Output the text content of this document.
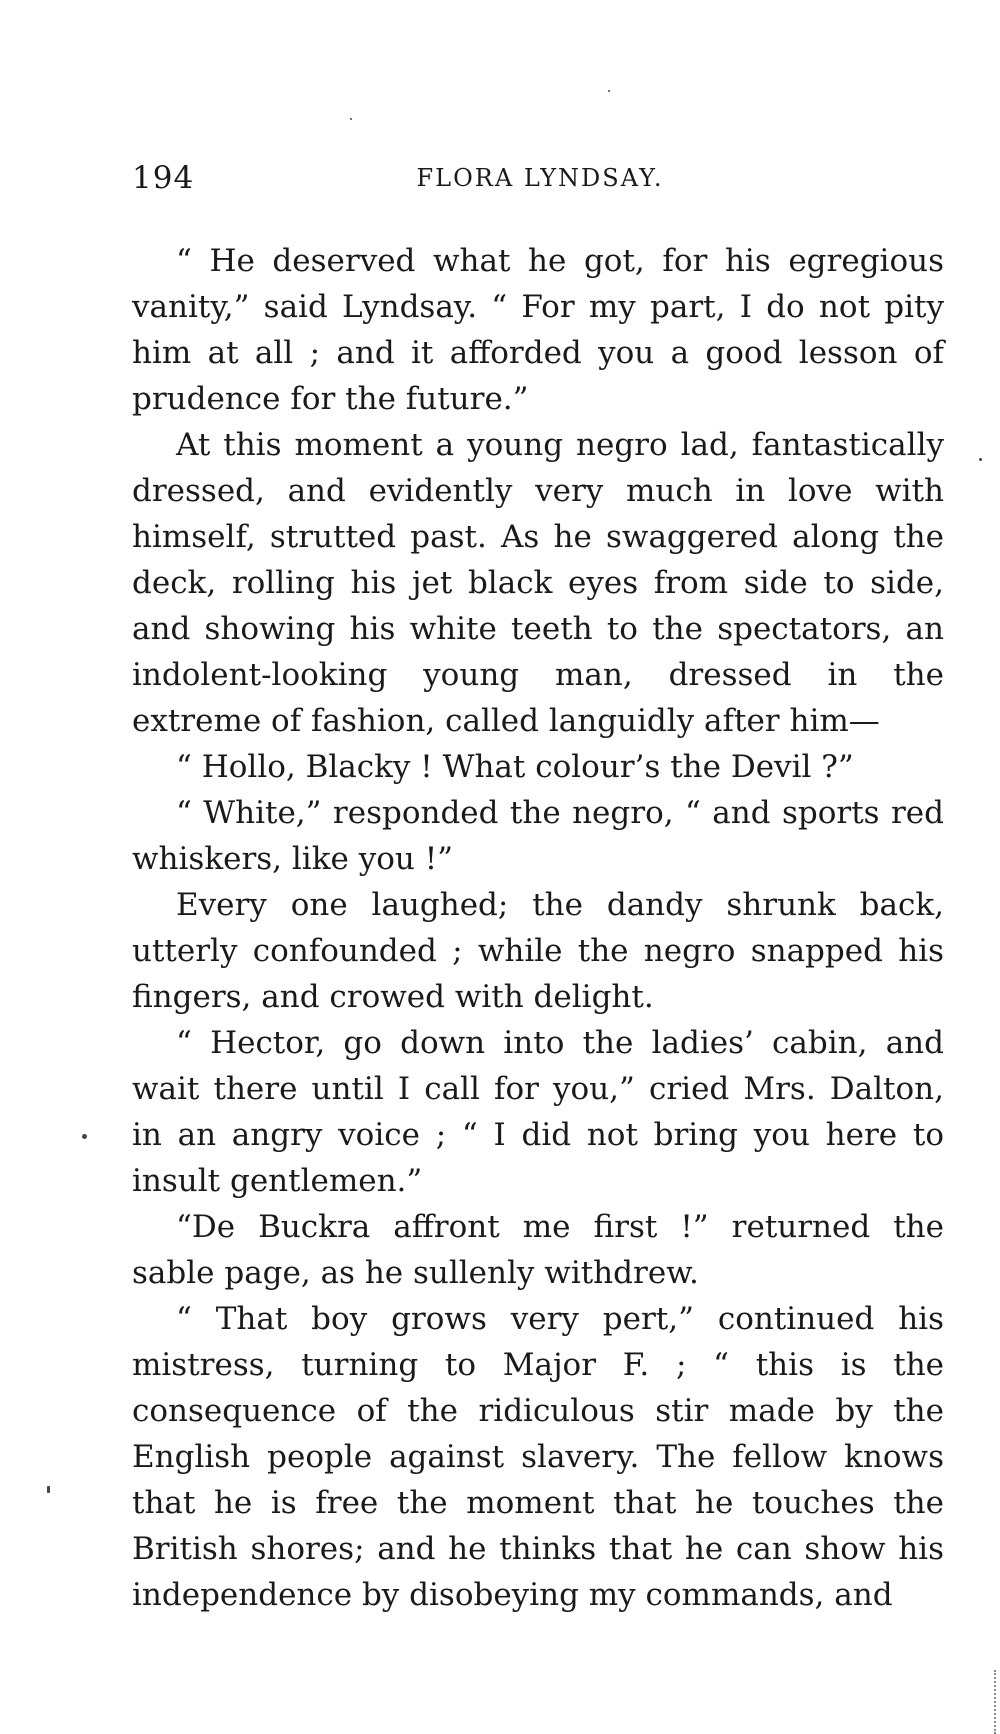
194	FLORA LYNDSAY.

“ He deserved what he got, for his egregious vanity,” said Lyndsay. “ For my part, I do not pity him at all ; and it afforded you a good lesson of prudence for the future.”

At this moment a young negro lad, fantastically dressed, and evidently very much in love with himself, strutted past. As he swaggered along the deck, rolling his jet black eyes from side to side, and showing his white teeth to the spectators, an indolent-looking young man, dressed in the extreme of fashion, called languidly after him—

“ Hollo, Blacky ! What colour’s the Devil ?”

“ White,” responded the negro, “ and sports red whiskers, like you !”

Every one laughed; the dandy shrunk back, utterly confounded ; while the negro snapped his fingers, and crowed with delight.

“ Hector, go down into the ladies’ cabin, and wait there until I call for you,” cried Mrs. Dalton, in an angry voice ; “ I did not bring you here to insult gentlemen.”

“De Buckra affront me first !” returned the sable page, as he sullenly withdrew.

“ That boy grows very pert,” continued his mistress, turning to Major F. ; “ this is the consequence of the ridiculous stir made by the English people against slavery. The fellow knows that he is free the moment that he touches the British shores; and he thinks that he can show his independence by disobeying my commands, and
